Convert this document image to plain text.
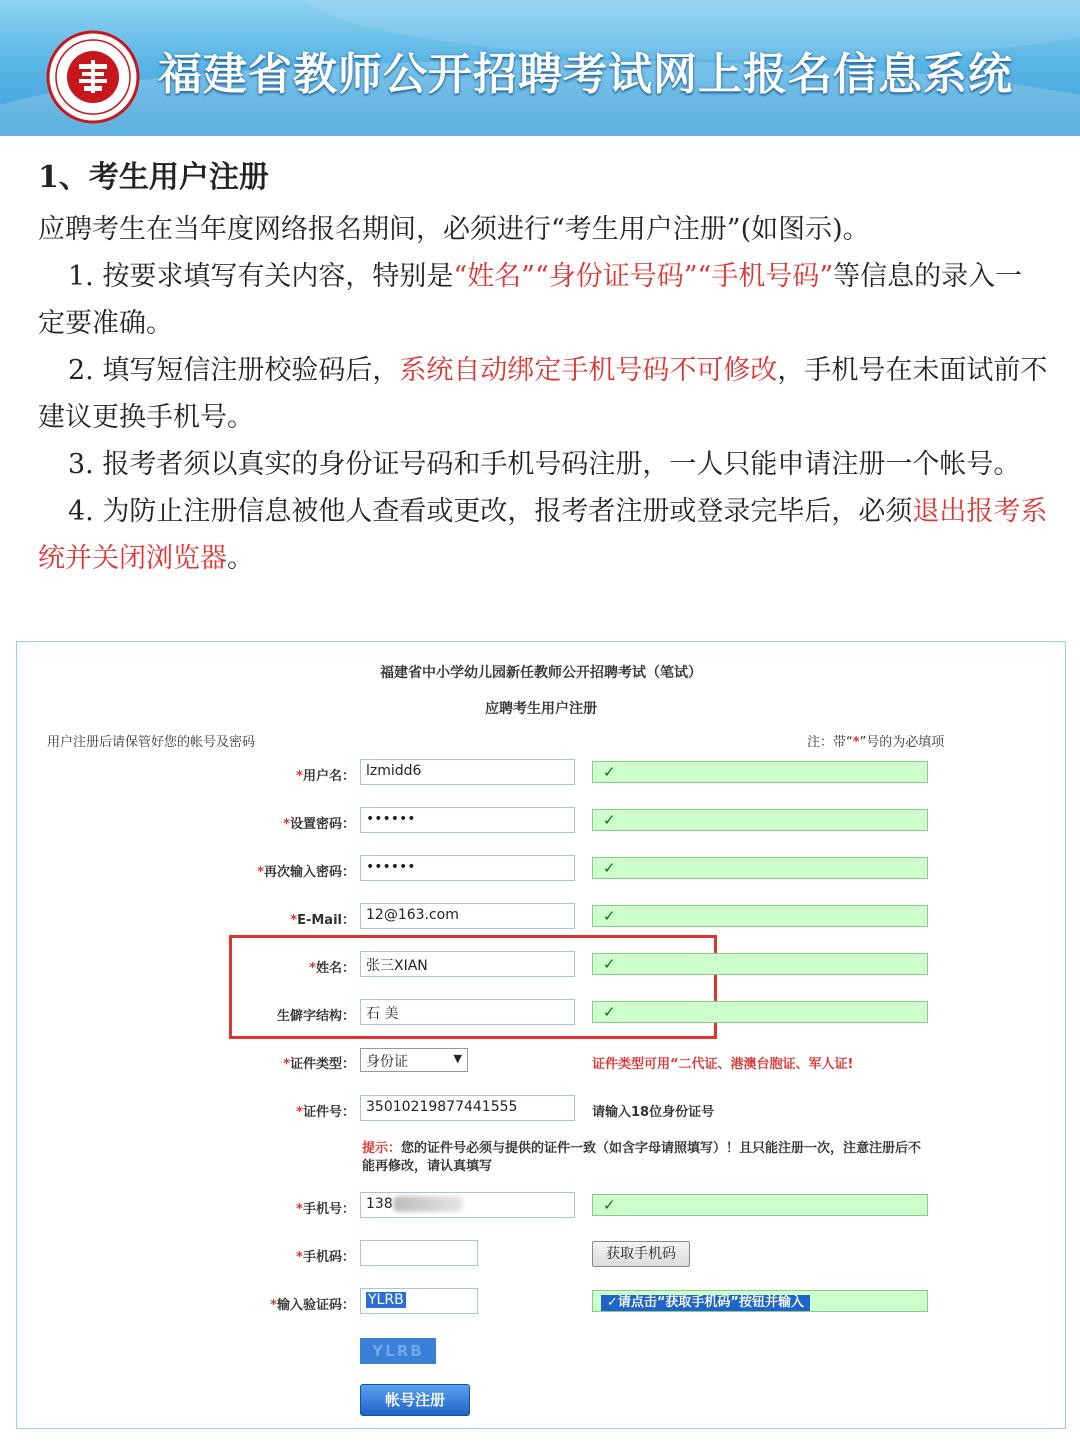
福建省教师公开招聘考试网上报名信息系统
1、考生用户注册

应聘考生在当年度网络报名期间，必须进行“考生用户注册”(如图示)。

1. 按要求填写有关内容，特别是“姓名”“身份证号码”“手机号码”等信息的录入一定要准确。

2. 填写短信注册校验码后，系统自动绑定手机号码不可修改，手机号在未面试前不建议更换手机号。

3. 报考者须以真实的身份证号码和手机号码注册，一人只能申请注册一个帐号。

4. 为防止注册信息被他人查看或更改，报考者注册或登录完毕后，必须退出报考系统并关闭浏览器。

福建省中小学幼儿园新任教师公开招聘考试（笔试）
应聘考生用户注册
用户注册后请保管好您的帐号及密码	注：带“*”号的为必填项
*用户名： lzmidd6	✓
*设置密码： ••••••	✓
*再次输入密码： ••••••	✓
*E-Mail： 12@163.com	✓
*姓名： 张三XIAN	✓
生僻字结构： 石 美	✓
*证件类型： 身份证	▼	证件类型可用“二代证、港澳台胞证、军人证!
*证件号： 35010219877441555	请输入18位身份证号
提示：您的证件号必须与提供的证件一致（如含字母请照填写）！且只能注册一次，注意注册后不能再修改，请认真填写
*手机号： 138	✓
*手机码：	获取手机码
*输入验证码： YLRB	✓请点击“获取手机码”按钮并输入
YLRB
帐号注册
